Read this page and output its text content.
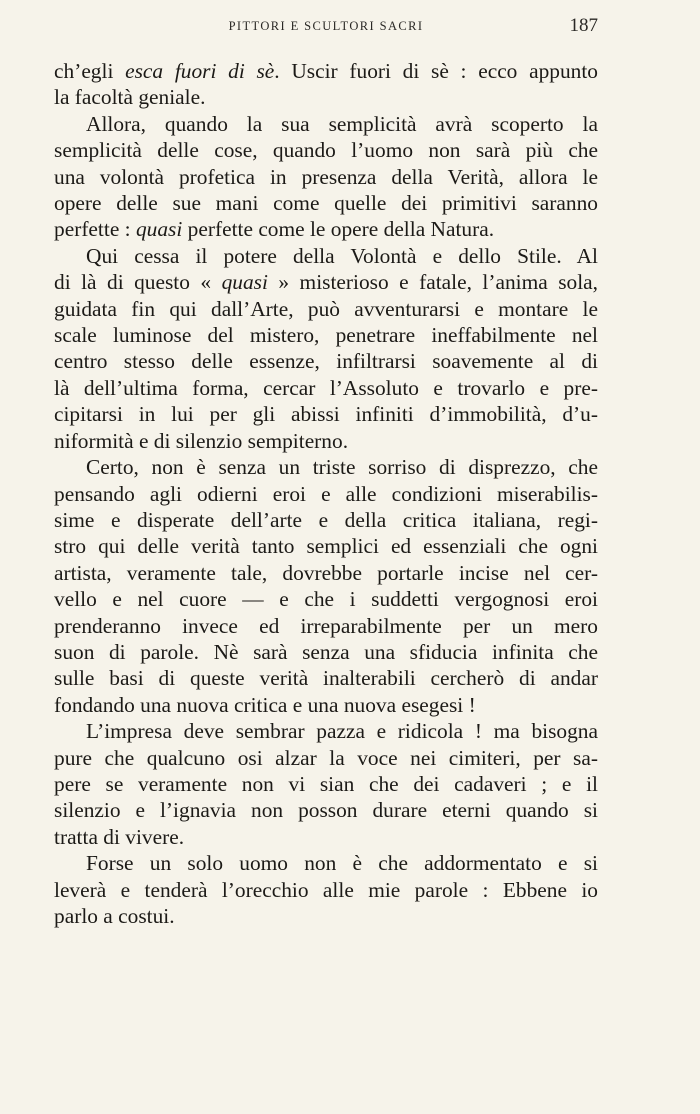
PITTORI E SCULTORI SACRI	187
ch’egli esca fuori di sè. Uscir fuori di sè : ecco appunto
la facoltà geniale.
Allora, quando la sua semplicità avrà scoperto la
semplicità delle cose, quando l’uomo non sarà più che
una volontà profetica in presenza della Verità, allora le
opere delle sue mani come quelle dei primitivi saranno
perfette : quasi perfette come le opere della Natura.
Qui cessa il potere della Volontà e dello Stile. Al
di là di questo « quasi » misterioso e fatale, l’anima sola,
guidata fin qui dall’Arte, può avventurarsi e montare le
scale luminose del mistero, penetrare ineffabilmente nel
centro stesso delle essenze, infiltrarsi soavemente al di
là dell’ultima forma, cercar l’Assoluto e trovarlo e pre-
cipitarsi in lui per gli abissi infiniti d’immobilità, d’u-
niformità e di silenzio sempiterno.
Certo, non è senza un triste sorriso di disprezzo, che
pensando agli odierni eroi e alle condizioni miserabilis-
sime e disperate dell’arte e della critica italiana, regi-
stro qui delle verità tanto semplici ed essenziali che ogni
artista, veramente tale, dovrebbe portarle incise nel cer-
vello e nel cuore — e che i suddetti vergognosi eroi
prenderanno invece ed irreparabilmente per un mero
suon di parole. Nè sarà senza una sfiducia infinita che
sulle basi di queste verità inalterabili cercherò di andar
fondando una nuova critica e una nuova esegesi !
L’impresa deve sembrar pazza e ridicola ! ma bisogna
pure che qualcuno osi alzar la voce nei cimiteri, per sa-
pere se veramente non vi sian che dei cadaveri ; e il
silenzio e l’ignavia non posson durare eterni quando si
tratta di vivere.
Forse un solo uomo non è che addormentato e si
leverà e tenderà l’orecchio alle mie parole : Ebbene io
parlo a costui.
